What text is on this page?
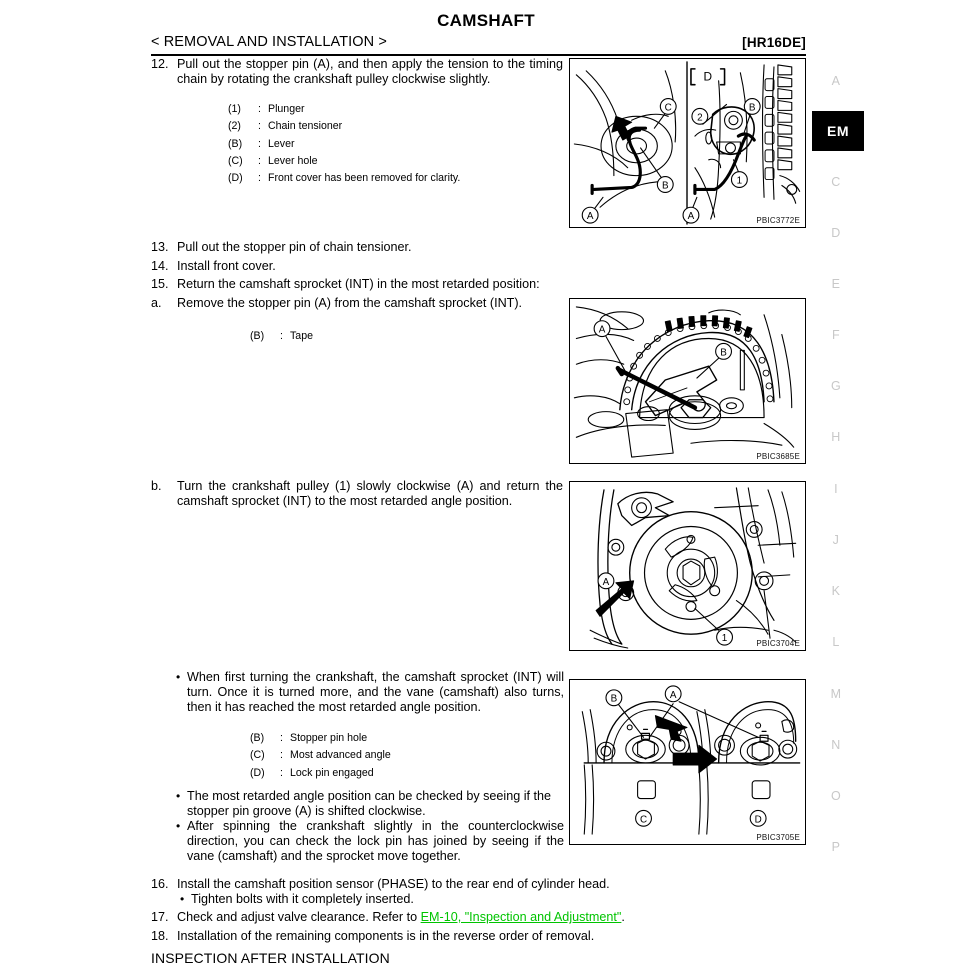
CAMSHAFT
< REMOVAL AND INSTALLATION >	[HR16DE]
12. Pull out the stopper pin (A), and then apply the tension to the timing chain by rotating the crankshaft pulley clockwise slightly.
(1)	: Plunger
(2)	: Chain tensioner
(B)	: Lever
(C)	: Lever hole
(D)	: Front cover has been removed for clarity.
A
C
B
2
B
1
A
D
PBIC3772E
13. Pull out the stopper pin of chain tensioner.
14. Install front cover.
15. Return the camshaft sprocket (INT) in the most retarded position:
a.	Remove the stopper pin (A) from the camshaft sprocket (INT).
(B)	: Tape	A
B
PBIC3685E
b.	Turn the crankshaft pulley (1) slowly clockwise (A) and return the camshaft sprocket (INT) to the most retarded angle position.
A
1	PBIC3704E
• When first turning the crankshaft, the camshaft sprocket (INT) will turn. Once it is turned more, and the vane (camshaft) also turns, then it has reached the most retarded angle position.
(B)	: Stopper pin hole
(C)	: Most advanced angle
(D)	: Lock pin engaged
B	A
C	D
PBIC3705E
• The most retarded angle position can be checked by seeing if the stopper pin groove (A) is shifted clockwise.
• After spinning the crankshaft slightly in the counterclockwise direction, you can check the lock pin has joined by seeing if the vane (camshaft) and the sprocket move together.
16. Install the camshaft position sensor (PHASE) to the rear end of cylinder head.
• Tighten bolts with it completely inserted.
17. Check and adjust valve clearance. Refer to EM-10, "Inspection and Adjustment".
18. Installation of the remaining components is in the reverse order of removal.
INSPECTION AFTER INSTALLATION
A
EM
C
D
E
F
G
H
I
J
K
L
M
N
O
P
